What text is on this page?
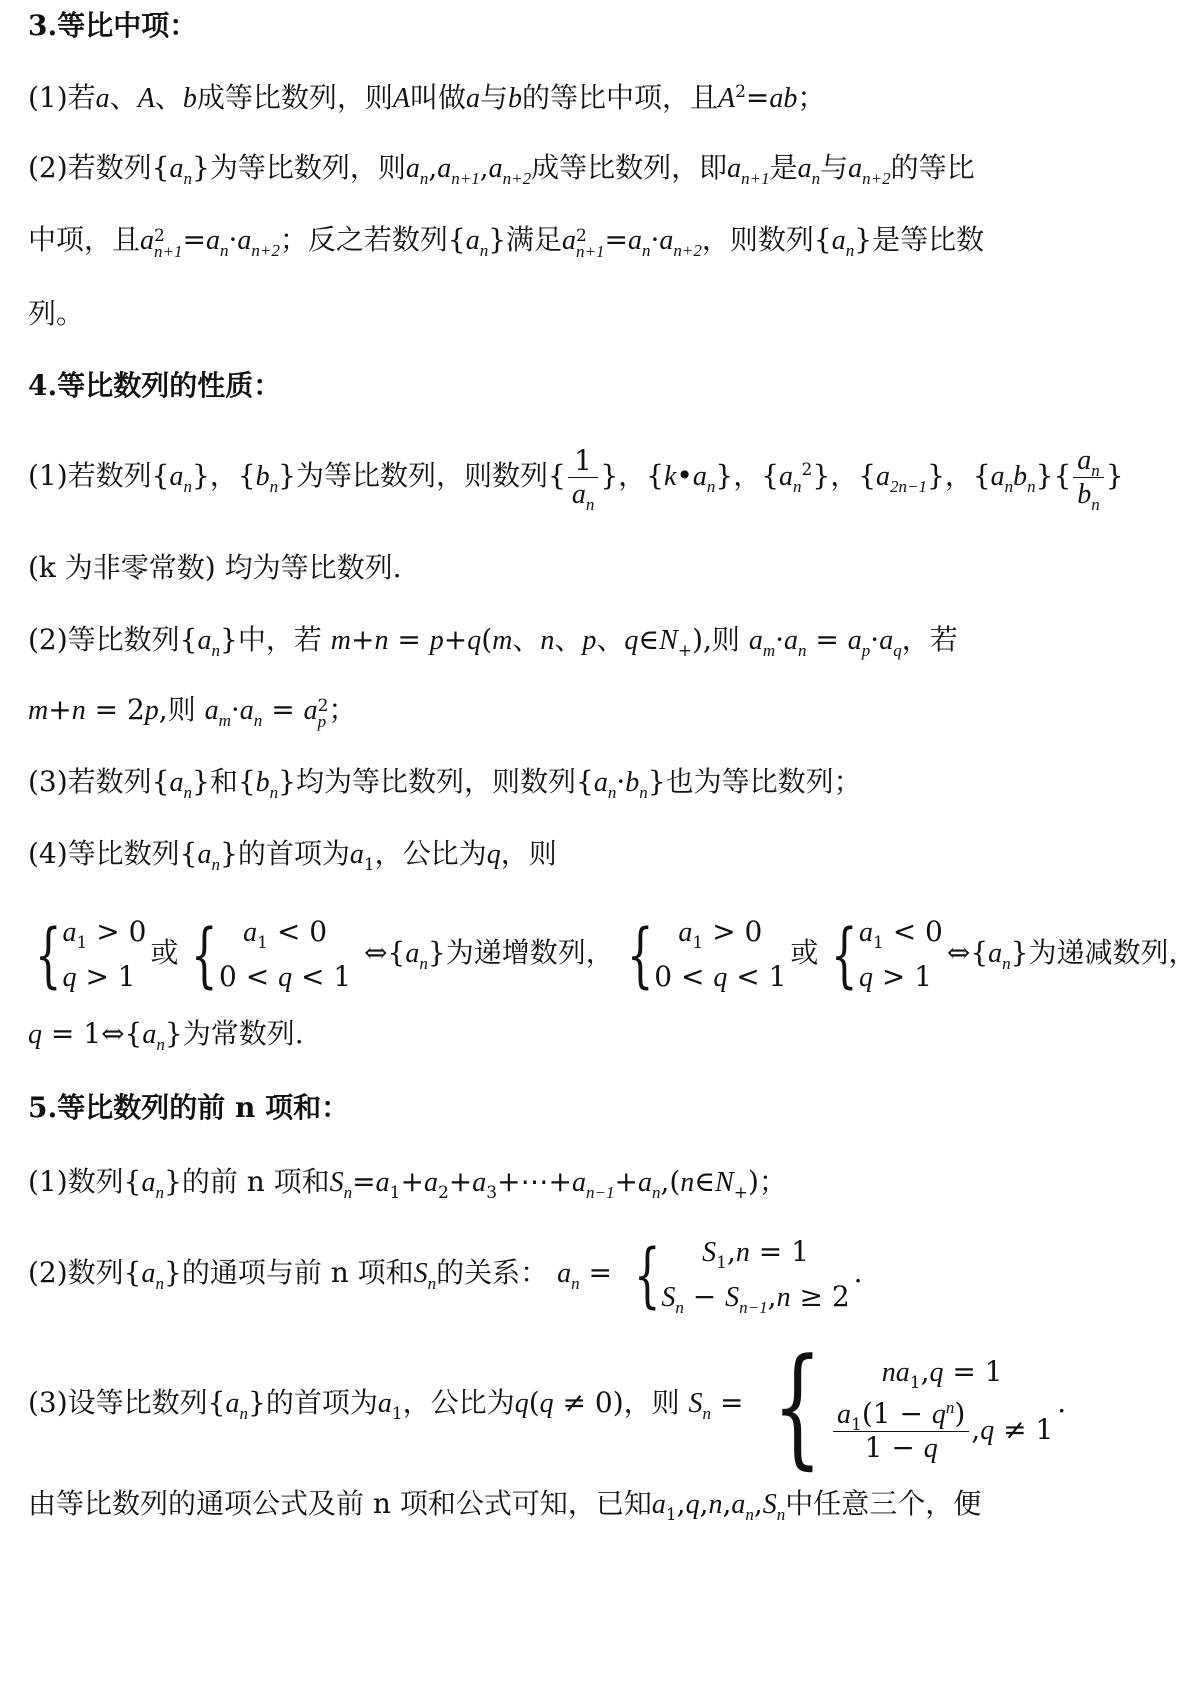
3.等比中项：
(1)若a、A、b成等比数列，则A叫做a与b的等比中项，且$A^2=ab$；
(2)若数列$\{a_n\}$为等比数列，则$a_n,a_{n+1},a_{n+2}$成等比数列，即$a_{n+1}$是$a_n$与$a_{n+2}$的等比
中项，且a 2
$n+1 =a_n\cdot a_{n+2}$；反之若数列$\{a_n\}$满足a 2
$n+1 =a_n\cdot a_{n+2}$，则数列$\{a_n\}$是等比数
列。
4.等比数列的性质：
(1)若数列$\{a_n\}$，$\{b_n\}$为等比数列，则数列{ $\frac{1}{a_n}$ }，$\{k•a_n\}$，$\{a_n^2\}$，$\{a_{2n-1}\}$，$\{a_nb_n\}\{ \frac{a_n}{b_n}$ }
(k 为非零常数) 均为等比数列.
(2)等比数列$\{a_n\}$中，若 m+n = p+q(m、n、p、$q\in N_+$),则 $a_m\cdot a_n = a_p\cdot a_q$，若
m+n = 2p,则 $a_m\cdot a_n = a$ 2
p ；
(3)若数列$\{a_n\}$和$\{b_n\}$均为等比数列，则数列$\{a_n\cdot b_n\}$也为等比数列；
(4)等比数列$\{a_n\}$的首项为$a_1$，公比为q，则
{ $a_1 > 0$
q > 1
或 { $a_1 < 0$
0 < q < 1
$\Leftrightarrow\{a_n\}$为递增数列， { $a_1 > 0$
0 < q < 1
或 { $a_1 < 0$
q > 1
$\Leftrightarrow\{a_n\}$为递减数列，
$q = 1\Leftrightarrow\{a_n\}$为常数列.
5.等比数列的前 n 项和：
(1)数列$\{a_n\}$的前 n 项和$S_n=a_1+a_2+a_3+\cdots+a_{n-1}+a_n,(n\in N_+)$；
(2)数列$\{a_n\}$的通项与前 n 项和$S_n$的关系： $a_n$ = {	$S_1,n = 1$
$S_n - S_{n-1},n \ge 2$
.
(3)设等比数列$\{a_n\}$的首项为$a_1$，公比为q(q ≠ 0)，则 $S_n$ = {	$na_1,q = 1$
$\frac{a_1(1 - q^n)}{1 - q} ,q \ne 1$
.
由等比数列的通项公式及前 n 项和公式可知，已知$a_1,q,n,a_n,S_n$中任意三个，便
